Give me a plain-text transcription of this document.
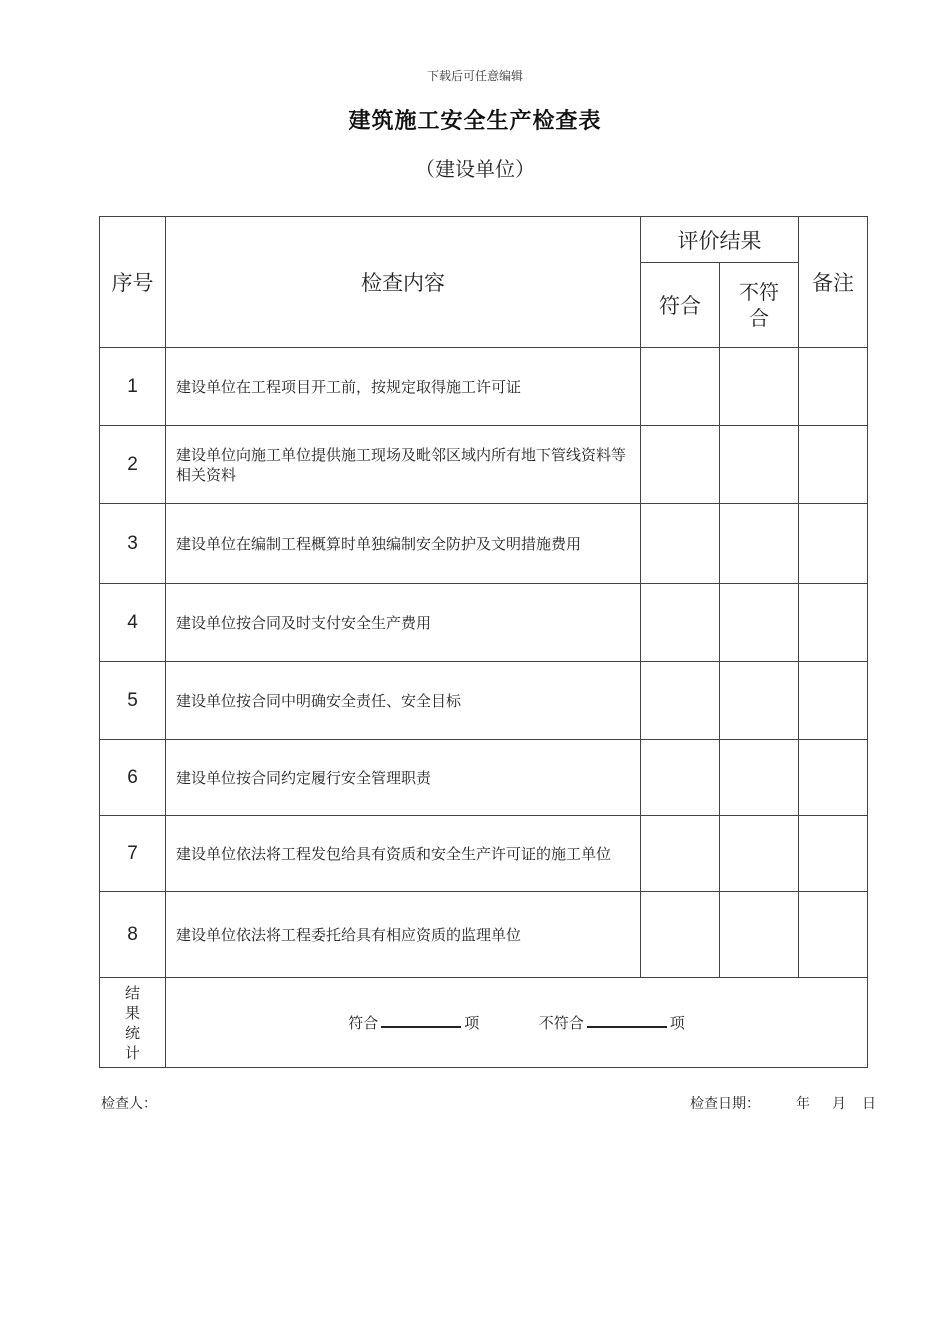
下载后可任意编辑
建筑施工安全生产检查表
（建设单位）
序号	检查内容	评价结果		备注
		符合	不符合	
1	建设单位在工程项目开工前，按规定取得施工许可证			
2	建设单位向施工单位提供施工现场及毗邻区域内所有地下管线资料等相关资料			
3	建设单位在编制工程概算时单独编制安全防护及文明措施费用			
4	建设单位按合同及时支付安全生产费用			
5	建设单位按合同中明确安全责任、安全目标			
6	建设单位按合同约定履行安全管理职责			
7	建设单位依法将工程发包给具有资质和安全生产许可证的施工单位			
8	建设单位依法将工程委托给具有相应资质的监理单位			
结果统计	符合 项 不符合 项			
检查人：	检查日期：	年 月 日
